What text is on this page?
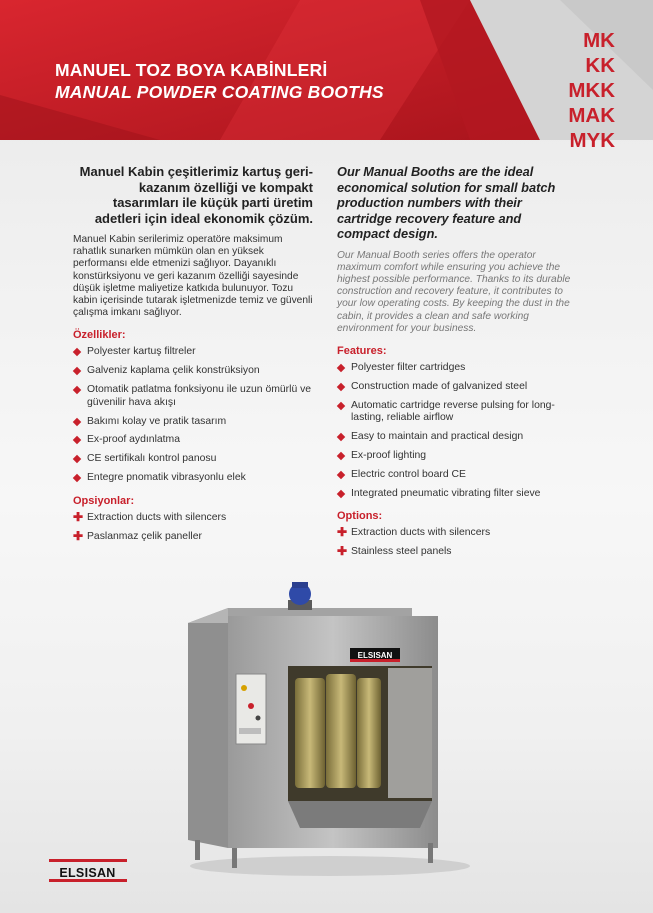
MANUEL TOZ BOYA KABİNLERİ
MANUAL POWDER COATING BOOTHS
MK
KK
MKK
MAK
MYK
Manuel Kabin çeşitlerimiz kartuş geri-kazanım özelliği ve kompakt tasarımları ile küçük parti üretim adetleri için ideal ekonomik çözüm.
Manuel Kabin serilerimiz operatöre maksimum rahatlık sunarken mümkün olan en yüksek performansı elde etmenizi sağlıyor. Dayanıklı konstürksiyonu ve geri kazanım özelliği sayesinde düşük işletme maliyetize katkıda bulunuyor. Tozu kabin içerisinde tutarak işletmenizde temiz ve güvenli çalışma imkanı sağlıyor.
Özellikler:
Polyester kartuş filtreler
Galveniz kaplama çelik konstrüksiyon
Otomatik patlatma fonksiyonu ile uzun ömürlü ve güvenilir hava akışı
Bakımı kolay ve pratik tasarım
Ex-proof aydınlatma
CE sertifikalı kontrol panosu
Entegre pnomatik vibrasyonlu elek
Opsiyonlar:
✚ Extraction ducts with silencers
✚ Paslanmaz çelik paneller
Our Manual Booths are the ideal economical solution for small batch production numbers with their cartridge recovery feature and compact design.
Our Manual Booth series offers the operator maximum comfort while ensuring you achieve the highest possible performance. Thanks to its durable construction and recovery feature, it contributes to your low operating costs. By keeping the dust in the cabin, it provides a clean and safe working environment for your business.
Features:
Polyester filter cartridges
Construction made of galvanized steel
Automatic cartridge reverse pulsing for long-lasting, reliable airflow
Easy to maintain and practical design
Ex-proof lighting
Electric control board CE
Integrated pneumatic vibrating filter sieve
Options:
✚ Extraction ducts with silencers
✚ Stainless steel panels
ELSISAN
ELSISAN
